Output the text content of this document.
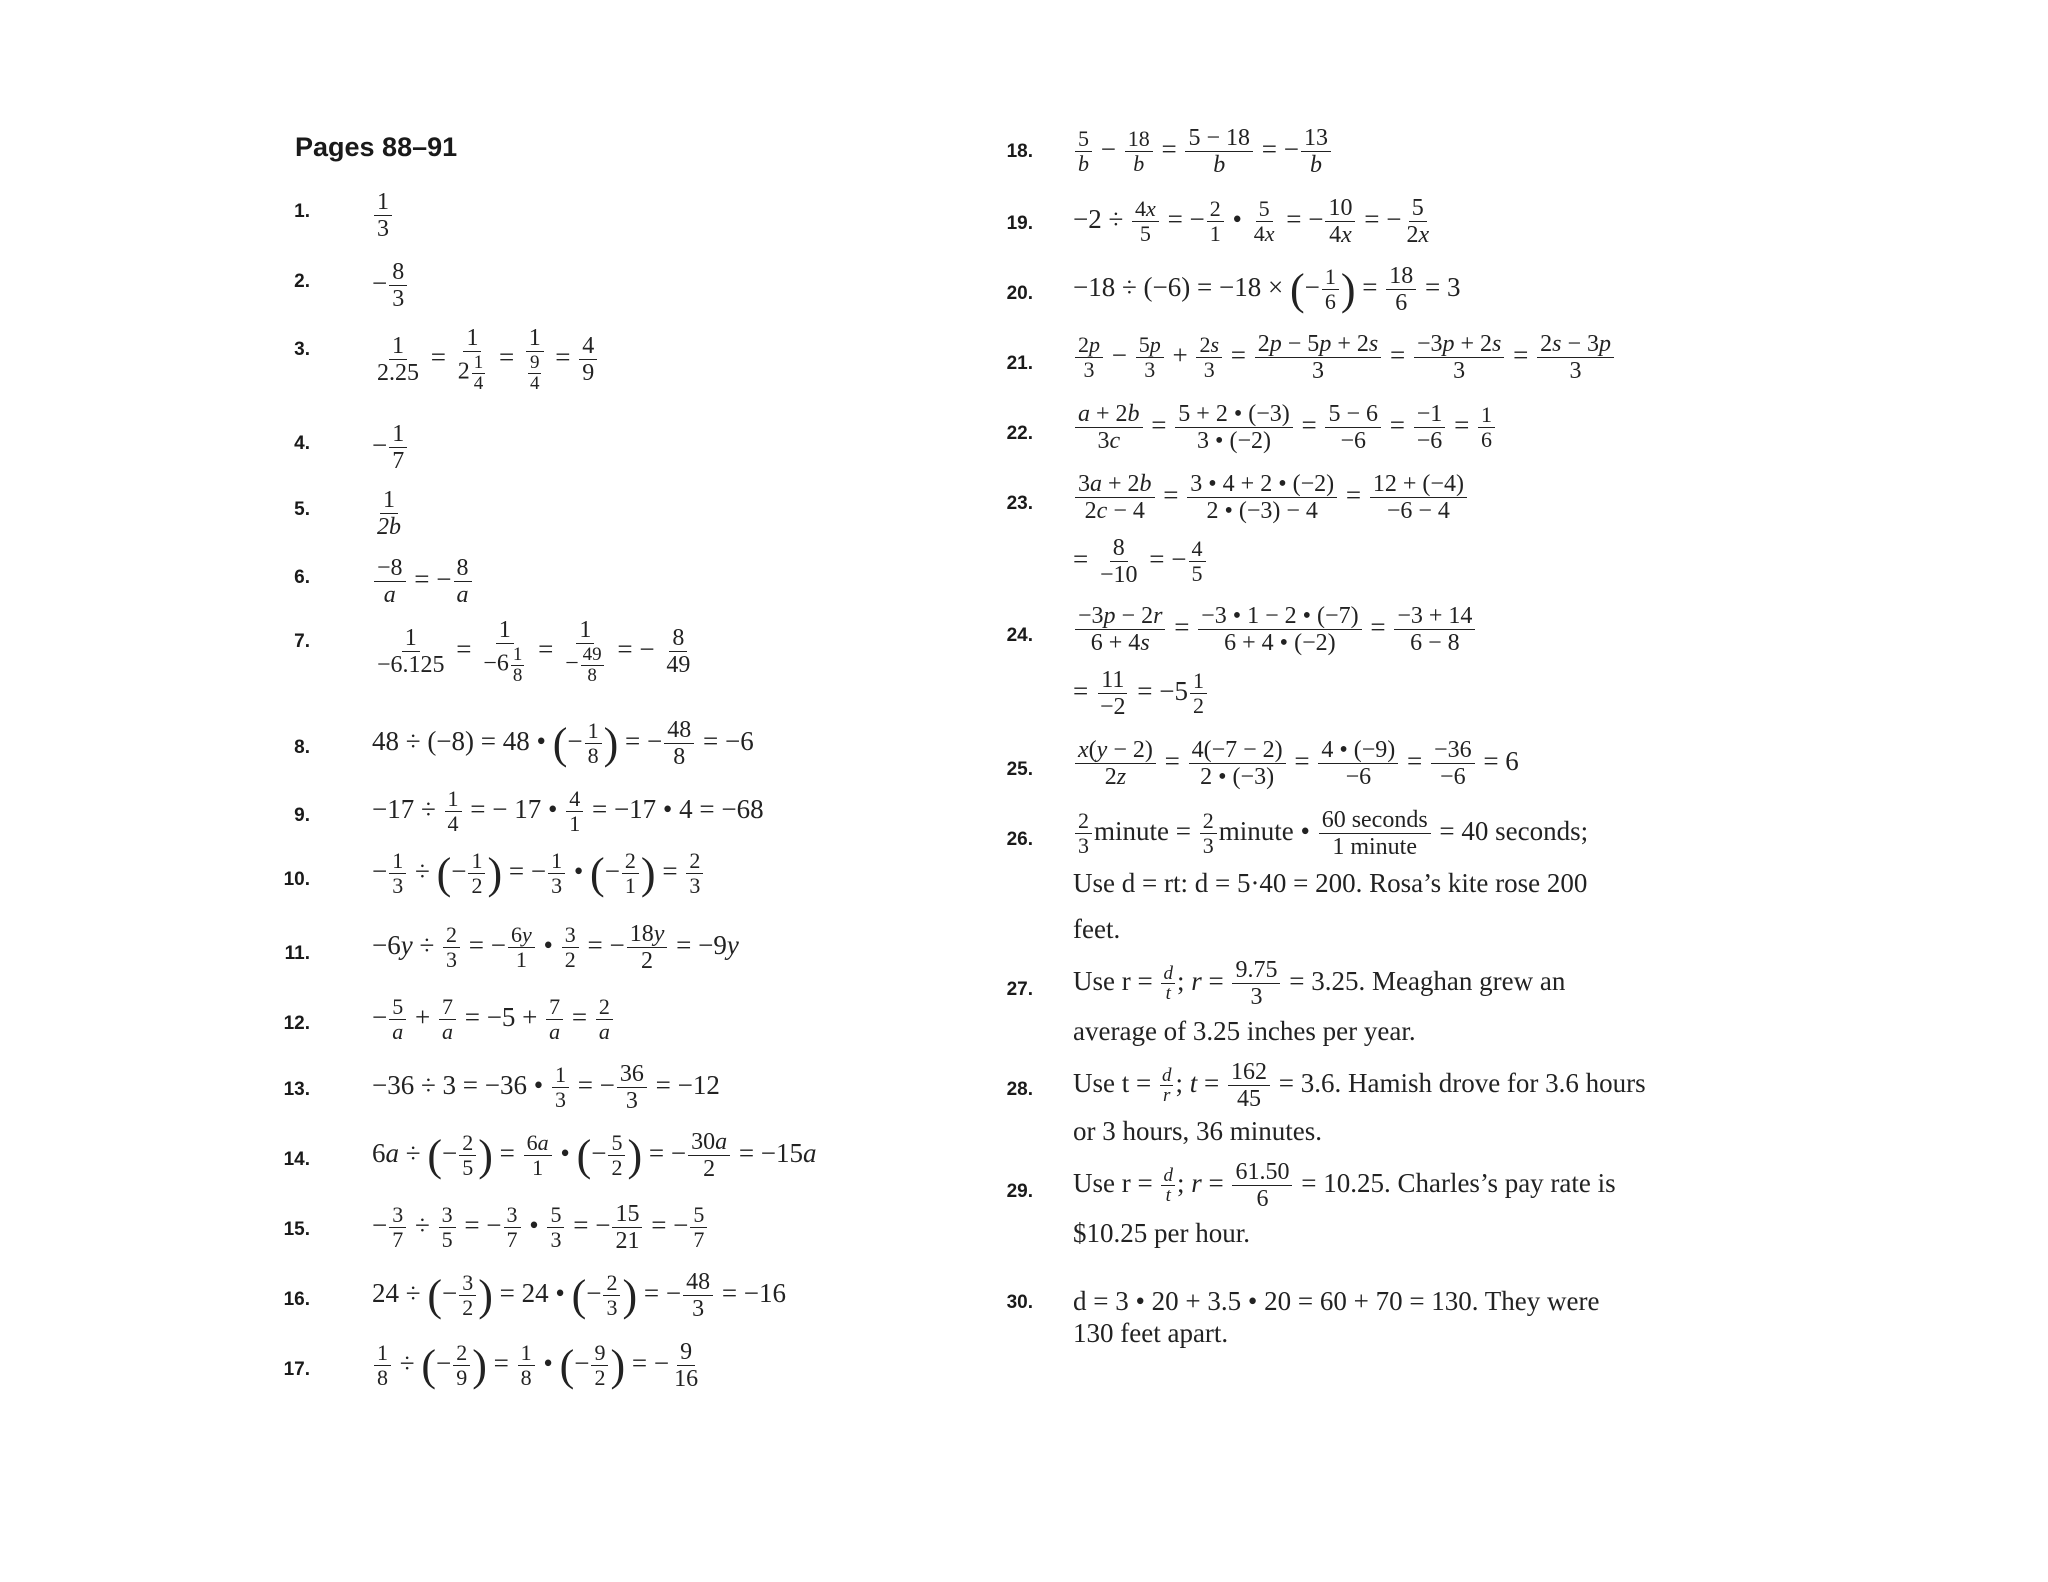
Pages 88–91
1.	$\frac{1}{3}$
2. − $\frac{8}{3}$
3.	$\frac{1}{2.25} = \frac{1}{2 \frac{1}{4}} = \frac{1}{\frac{9}{4}} = \frac{4}{9}$
4. − $\frac{1}{7}$
5.	$\frac{1}{2b}$
6.	$\frac{-8}{a}$ = − $\frac{8}{a}$
7.	$\frac{1}{-6.125} = \frac{1}{-6 \frac{1}{8}} = \frac{1}{- \frac{49}{8}}$ = − $\frac{8}{49}$
8. 48 ÷ (−8) = 48 • (− $\frac{1}{8}$ ) = − $\frac{48}{8} = -6$
9. $-17 \div \frac{1}{4}$ = − 17 • $\frac{4}{1} = -17$ • 4 = −68
10. − $\frac{1}{3}$ ÷ (− $\frac{1}{2}$ ) = − $\frac{1}{3}$ • (− $\frac{2}{1}$ ) = $\frac{2}{3}$
11. $-6y \div \frac{2}{3}$ = − $\frac{6y}{1}$ • $\frac{3}{2}$ = − $\frac{18y}{2} = -9y$
12. − $\frac{5}{a} + \frac{7}{a} = -5 + \frac{7}{a} = \frac{2}{a}$
13. −36 ÷ 3 = −36 • $\frac{1}{3}$ = − $\frac{36}{3} = -12$
14. 6a ÷ (− $\frac{2}{5}$ ) = $\frac{6a}{1}$ • (− $\frac{5}{2}$ ) = − $\frac{30a}{2} = -15a$
15. − $\frac{3}{7} \div \frac{3}{5}$ = − $\frac{3}{7}$ • $\frac{5}{3}$ = − $\frac{15}{21}$ = − $\frac{5}{7}$
16. 24 ÷ (− $\frac{3}{2}$ ) = 24 • (− $\frac{2}{3}$ ) = − $\frac{48}{3} = -16$
17.	$\frac{1}{8}$ ÷ (− $\frac{2}{9}$ ) = $\frac{1}{8}$ • (− $\frac{9}{2}$ ) = − $\frac{9}{16}$
18. $\frac{5}{b} - \frac{18}{b} = \frac{5 - 18}{b}$ = − $\frac{13}{b}$
19. $-2 \div \frac{4x}{5}$ = − $\frac{2}{1}$ • $\frac{5}{4x}$ = − $\frac{10}{4x}$ = − $\frac{5}{2x}$
20. −18 ÷ (−6) = −18 × (− $\frac{1}{6}$ ) = $\frac{18}{6} = 3$
21. $\frac{2p}{3} - \frac{5p}{3} + \frac{2s}{3} = \frac{2p - 5p + 2s}{3} = \frac{-3p + 2s}{3} = \frac{2s - 3p}{3}$
22. $\frac{a + 2b}{3c} = \frac{5 + 2 • (-3)}{3 • (-2)} = \frac{5 - 6}{-6} = \frac{-1}{-6} = \frac{1}{6}$
23. $\frac{3a + 2b}{2c - 4} = \frac{3 • 4 + 2 • (-2)}{2 • (-3) - 4} = \frac{12 + (-4)}{-6 - 4}$
= $\frac{8}{-10}$ = − $\frac{4}{5}$
24. $\frac{-3p - 2r}{6 + 4s} = \frac{-3 • 1 - 2 • (-7)}{6 + 4 • (-2)} = \frac{-3 + 14}{6 - 8}$
= $\frac{11}{-2} = -5 \frac{1}{2}$
25. $\frac{x(y - 2)}{2z} = \frac{4(-7 - 2)}{2 • (-3)} = \frac{4 • (-9)}{-6} = \frac{-36}{-6} = 6$
26. $\frac{2}{3}$ minute = $\frac{2}{3}$ minute • $\frac{\text{60 seconds}}{\text{1 minute}} = 40$ seconds;
Use d = rt: d = 5·40 = 200. Rosa’s kite rose 200
feet.
27. Use $r = \frac{d}{t}$ ; $r = \frac{9.75}{3} = 3.25$. Meaghan grew an
average of 3.25 inches per year.
28. Use $t = \frac{d}{r}$ ; $t = \frac{162}{45} = 3.6$. Hamish drove for 3.6 hours
or 3 hours, 36 minutes.
29. Use $r = \frac{d}{t}$ ; $r = \frac{61.50}{6} = 10.25$. Charles’s pay rate is
$10.25 per hour.
30. d = 3 • 20 + 3.5 • 20 = 60 + 70 = 130. They were
130 feet apart.
